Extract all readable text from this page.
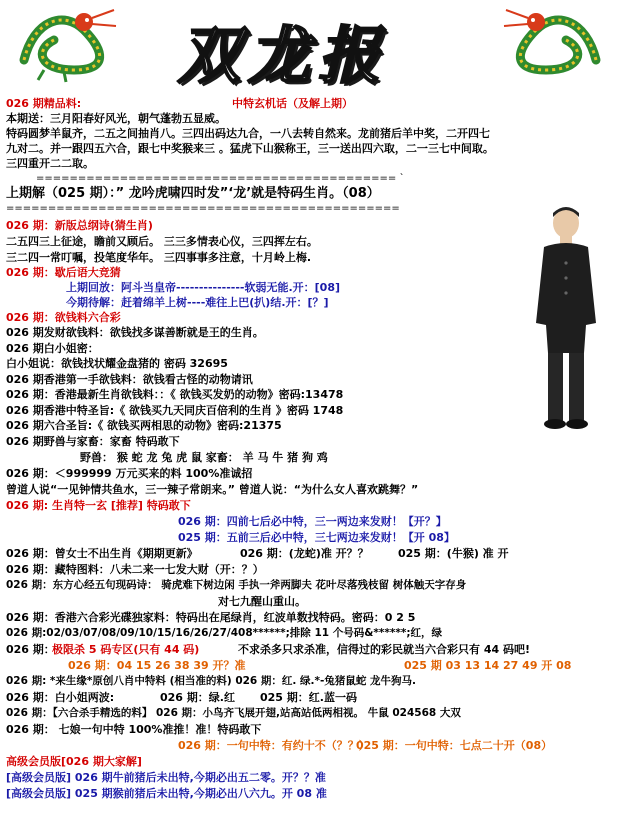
双龙报
026 期精品料:	中特玄机话（及解上期）
本期送：三月阳春好风光，朝气蓬勃五显威。
特码圆梦羊鼠齐，二五之间抽肖八。三四出码达九合，一八去转自然来。龙前猪后羊中奖，二开四七
九对二。并一跟四五六合，跟七中奖猴来三 。猛虎下山猴称王，三一送出四六取，二一三七中间取。
三四重开二二取。
=========================================== `
上期解（025 期）：” 龙吟虎啸四时发”‘龙’就是特码生肖。（08）
===============================================
026 期：新版总纲诗(猜生肖)
二五四三上征途，瞻前又顾后。 三三多情表心仪，三四挥左右。
三二四一常叮嘱，投笔度华年。 三四事事多注意，十月岭上梅.
026 期：歇后语大竞猜
上期回放：阿斗当皇帝---------------软弱无能.开：[08]
今期待解：赶着绵羊上树----难往上巴(扒)结.开：[？]
026 期：欲钱料六合彩
026 期发财欲钱料：欲钱找多谋善断就是王的生肖。
026 期白小姐密：
白小姐说：欲钱找状耀金盘猪的 密码 32695
026 期香港第一手欲钱料：欲钱看古怪的动物请讯
026 期：香港最新生肖欲钱料：：《 欲钱买发奶的动物》密码:13478
026 期香港中特圣旨:《 欲钱买九天同庆百倍利的生肖 》密码 1748
026 期六合圣旨:《 欲钱买两相思的动物》密码:21375
026 期野兽与家畜：家畜 特码敢下
野兽： 猴 蛇 龙 兔 虎 鼠 家畜： 羊 马 牛 猪 狗 鸡
026 期：＜999999 万元买来的料 100%准诚招
曾道人说“一见钟情共鱼水，三一辣子常朗来。” 曾道人说：“为什么女人喜欢跳舞？”
026 期: 生肖特一玄 [推荐] 特码敢下
026 期：四前七后必中特，三一两边来发财！【开？】
025 期：五前三后必中特，三七两边来发财！【开 08】
026 期：曾女士不出生肖《期期更新》	026 期：(龙蛇)准 开？？	025 期：(牛猴) 准 开
026 期：藏特图料：八未二来一七发大财（开：？）
026 期：东方心经五句现码诗： 骑虎难下树边闲 手执一斧两脚夫 花叶尽落残枝留 树体触天字存身
对七九醒山重山。
026 期：香港六合彩光碟独家料：特码出在尾绿肖，红波单数找特码。密码：0 2 5
026 期:02/03/07/08/09/10/15/16/26/27/408******;排除 11 个号码&******;红，绿
026 期：
极限杀 5 码专区(只有 44 码)	不求杀多只求杀准，信得过的彩民就当六合彩只有 44 码吧!
026 期：04 15 26 38 39 开？准	025 期 03 13 14 27 49 开 08
026 期: *来生缘*原创八肖中特料 (相当准的料) 026 期：红. 绿.*-兔猪鼠蛇 龙牛狗马.
026 期：白小姐两波:	026 期：绿.红 025 期：红.蓝一码
026 期：【六合杀手精选的料】 026 期：小鸟齐飞展开翅,站高站低两相视。 牛鼠 024568 大双
026 期： 七娘一句中特 100%准推！准！特码敢下
026 期：一句中特：有约十不（？？）
025 期：一句中特：七点二十开（08）
高级会员版[026 期大家解]
[高级会员版] 026 期牛前猪后未出特,今期必出五二零。开？？准
[高级会员版] 025 期猴前猪后未出特,今期必出八六九。开 08 准
